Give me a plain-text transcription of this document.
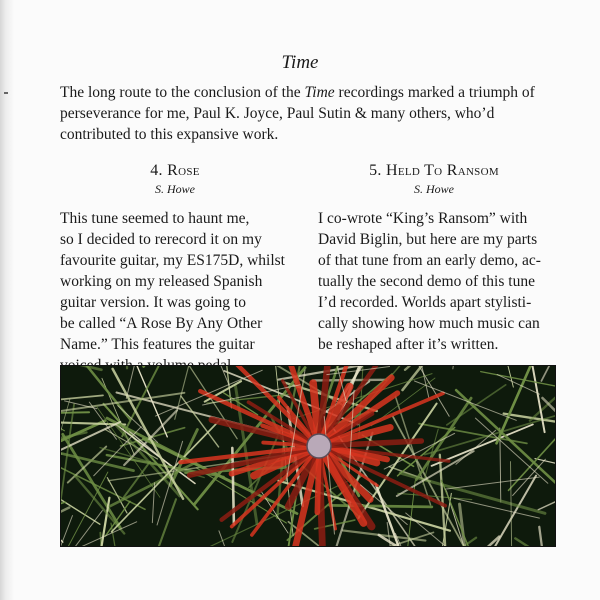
Time
The long route to the conclusion of the Time recordings marked a triumph of perseverance for me, Paul K. Joyce, Paul Sutin & many others, who’d contributed to this expansive work.
4. Rose
S. Howe
This tune seemed to haunt me,
so I decided to rerecord it on my
favourite guitar, my ES175D, whilst
working on my released Spanish
guitar version. It was going to
be called “A Rose By Any Other
Name.” This features the guitar

5. Held To Ransom
S. Howe
I co-wrote “King’s Ransom” with
David Biglin, but here are my parts
of that tune from an early demo, ac-
tually the second demo of this tune
I’d recorded. Worlds apart stylisti-
cally showing how much music can
be reshaped after it’s written.
